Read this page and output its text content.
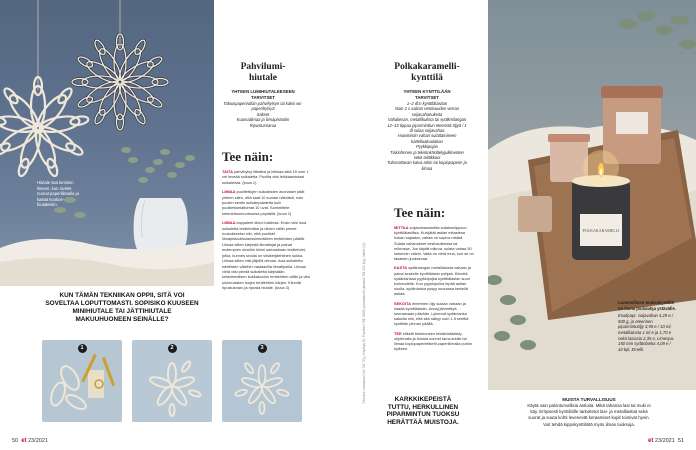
Hiutale saa lumisen ilmeen, kun sivelet reunat paperiliimalla ja kastat kookoshiutaleisiin.
Pahvilumi-
hiutale
YHTEEN LUMIHIUTALEESEEN
TARVITSET
Talouspaperirullan pahvihylsyn tai kaksi wc-paperihylsyä
Sakset
Kuumaliimaa ja liimapistoolin
Ripustusnarua
Tee näin:

TAITA pahvihylsy litteäksi ja leikkaa siitä 15 noin 1 cm leveää suikaletta. Puolita viisi leikkaamistasi suikaleista. (kuva 1)

LIIMAA puolitettujen suikaleiden avonaiset päät yhteen siten, että saat 10 suman näköistä, noin puolen sentin suikalepalaletta kuin puolitettamattomat 10 uvat. Sommittele kehmettuomuotoonsa pöydällä. (kuva 2)

LIIMAA kappaleet kiinni toisiinsa. Ensin viisi isoa suikaletta terälehdiksi ja niiden väliin pienet ruusukkeeksi niin, että puoliset liimapistooliksianssimmälleen terälehden päällä. Liimaa sitten kärjestä liimattujat ja painat molempien sivuihin kiinni samaahaan terälehdet, jotka, kunnes sivulla on viisikerjäehtinen kukka. Liimaa sitten viisi jäljellä olevaa, isoa suikaletta edellisten väleihin vastaavilla liimatipoilla. Liimaa vielä viisi pientä suikaletta kärjistään keskimmäisen kukkakuvion terälehtien väliin ja viisi uloinmaisten isojen terälehtien kärjen. Kiinnitä ripustusnaru ja ripusta hiutale. (kuva 3)

KUN TÄMÄN TEKNIIKAN OPPII, SITÄ VOI
SOVELTAA LOPUTTOMASTI. SOPISIKO KUUSEEN
MINIHIUTALE TAI JÄTTIHIUTALE
MAKUUHUONEEN SEINÄLLE?
1	2	3
50 et 23/2021
Toteutus: Lavaposa (Hei Tuli 72)), Ympärys (f): Pussilaul 781' NIMI) pussilapuuhf (kasilaul 781 122 1(a), idatal f) (f)
Polkakaramelli-
kynttilä
YHTEEN KYNTTILÄÄN
TARVITSET
1–2 dl:n kynttilälasitan
Noin 2 x saitian vetoisuuden verran soijavahanukeita
Vahaliesan, metallikulista tai syölkmilangan
12–13 tippaa piparminttun eteeristä öljyä / 1 dl sulaa soijavahaa
Huovinistin vahan sulattamiseen kattelluakuulakan
Pyykkipojan
Tiskiohnnen ja tekstinkäsittelyjulkinenten sekä tulitikkuni
Tulosrattavan kaiva arkin tai kopiopaperin ja liimaa
Tee näin:

MITTAA soijavahanukettia sulatuskippoon kynttilälasillisa. Kuivjätät astian mitastesa hokan sajaaksi, vahaa on sopiva määrä. Sulata vahanukeet vesihauteessa tai mikrossa, Jos käytät mikroa, sulata vahaa 30 sekunnin välein. Valta on vielä mua, kun se on tasaisen juoksevaa.

KASTA sydänlangan metallialusta vahaan ja paina keskelle kynttilälasin pohjaa. Kiinnitä sydänlankaa pyykkipojka kynttilälasian suun korkeudelle. Kun pyykkipoika lepää astian suulla, sydänlanka pysyy suorassa kesiellä astiaa.

SEKOITA eteerinen öljy sulaan vahaan ja kaada kynttilälasiin. Annaj jähmettyä seuraavaan päivään. Lyhennä sydänlanka saksilla niin, että sitä näkyy noin 1,5 senttiä kynttilän pinnan päällä.

TEE etiketti tietokoneen tekstinkäsittelyohjelmalla ja tulosta sonnet tarra-arkille tai liimaa kopiopaperietiketti paperiliimalla purkin kylkeen.

POLKAKARAMELLI
Luonnollinen tuoksukynttilä on ihana joululahja ystävälle.
Enalipapr. soijavahan 4,29 e / 500 g, ja eteerinen piparmintuöljy 3,95 e / 10 ml, metallialusta 1 ml e ja 1,70 e sekä lasiasia 2,35 e, Limespa. 150 mm sydänlanka 4,09 e / 10 kpl, Emelli.
KARKKIKEPEISTÄ
TUTTU, HERKULLINEN
PIPARMINTUN TUOKSU
HERÄTTÄÄ MUISTOJA.
MUISTA TURVALLISUUS
Käytä vain palonturvallisia astioita. Mikä tahansa lasi tai muki ei
käy. Erityisesti kynttilöille tarkoitetut lasi- ja metalliastiat sekä
suorat ja suuta kohti levenevät keraamiset kupit toimivat hyvin.
Voit tehdä kippokynttilöitä myös ilman tuoksuja.
et 23/2021 51
